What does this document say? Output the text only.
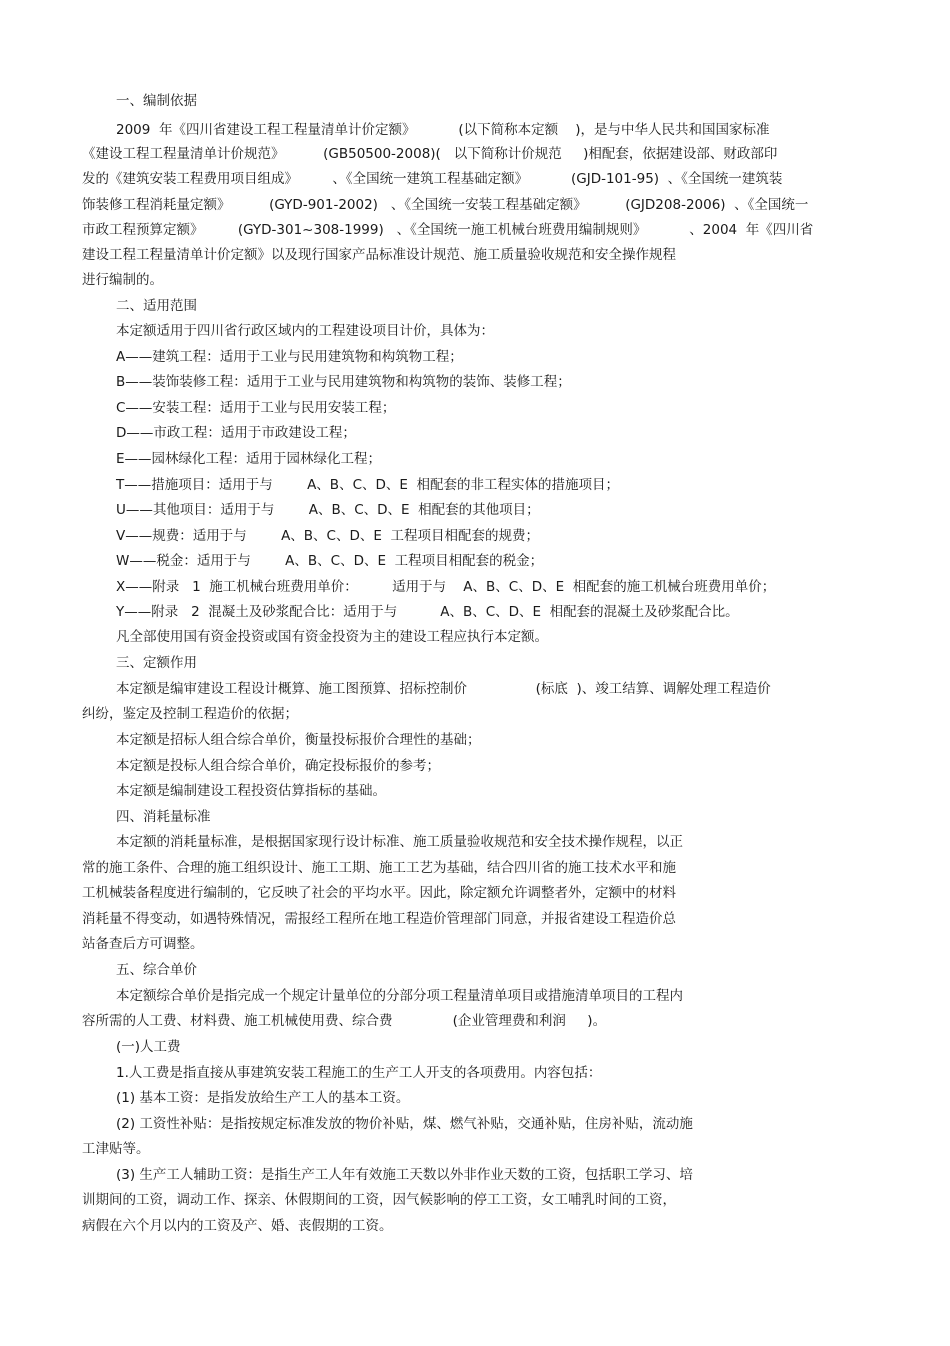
一、编制依据
2009  年《四川省建设工程工程量清单计价定额》          (以下简称本定额    )，是与中华人民共和国国家标准
《建设工程工程量清单计价规范》         (GB50500-2008)(   以下简称计价规范     )相配套，依据建设部、财政部印
发的《建筑安装工程费用项目组成》        、《全国统一建筑工程基础定额》          (GJD-101-95)  、《全国统一建筑装
饰装修工程消耗量定额》         (GYD-901-2002)   、《全国统一安装工程基础定额》         (GJD208-2006)  、《全国统一
市政工程预算定额》        (GYD-301~308-1999)   、《全国统一施工机械台班费用编制规则》          、2004  年《四川省
建设工程工程量清单计价定额》以及现行国家产品标准设计规范、施工质量验收规范和安全操作规程
进行编制的。
二、适用范围
本定额适用于四川省行政区域内的工程建设项目计价，具体为：
A——建筑工程：适用于工业与民用建筑物和构筑物工程；
B——装饰装修工程：适用于工业与民用建筑物和构筑物的装饰、装修工程；
C——安装工程：适用于工业与民用安装工程；
D——市政工程：适用于市政建设工程；
E——园林绿化工程：适用于园林绿化工程；
T——措施项目：适用于与        A、B、C、D、E  相配套的非工程实体的措施项目；
U——其他项目：适用于与        A、B、C、D、E  相配套的其他项目；
V——规费：适用于与        A、B、C、D、E  工程项目相配套的规费；
W——税金：适用于与        A、B、C、D、E  工程项目相配套的税金；
X——附录   1  施工机械台班费用单价：        适用于与    A、B、C、D、E  相配套的施工机械台班费用单价；
Y——附录   2  混凝土及砂浆配合比：适用于与          A、B、C、D、E  相配套的混凝土及砂浆配合比。
凡全部使用国有资金投资或国有资金投资为主的建设工程应执行本定额。
三、定额作用
本定额是编审建设工程设计概算、施工图预算、招标控制价                (标底  )、竣工结算、调解处理工程造价
纠纷，鉴定及控制工程造价的依据；
本定额是招标人组合综合单价，衡量投标报价合理性的基础；
本定额是投标人组合综合单价，确定投标报价的参考；
本定额是编制建设工程投资估算指标的基础。
四、消耗量标准
本定额的消耗量标准，是根据国家现行设计标准、施工质量验收规范和安全技术操作规程，以正
常的施工条件、合理的施工组织设计、施工工期、施工工艺为基础，结合四川省的施工技术水平和施
工机械装备程度进行编制的，它反映了社会的平均水平。因此，除定额允许调整者外，定额中的材料
消耗量不得变动，如遇特殊情况，需报经工程所在地工程造价管理部门同意，并报省建设工程造价总
站备查后方可调整。
五、综合单价
本定额综合单价是指完成一个规定计量单位的分部分项工程量清单项目或措施清单项目的工程内
容所需的人工费、材料费、施工机械使用费、综合费              (企业管理费和利润     )。
(一)人工费
1.人工费是指直接从事建筑安装工程施工的生产工人开支的各项费用。内容包括：
(1) 基本工资：是指发放给生产工人的基本工资。
(2) 工资性补贴：是指按规定标准发放的物价补贴，煤、燃气补贴，交通补贴，住房补贴，流动施
工津贴等。
(3) 生产工人辅助工资：是指生产工人年有效施工天数以外非作业天数的工资，包括职工学习、培
训期间的工资，调动工作、探亲、休假期间的工资，因气候影响的停工工资，女工哺乳时间的工资，
病假在六个月以内的工资及产、婚、丧假期的工资。
